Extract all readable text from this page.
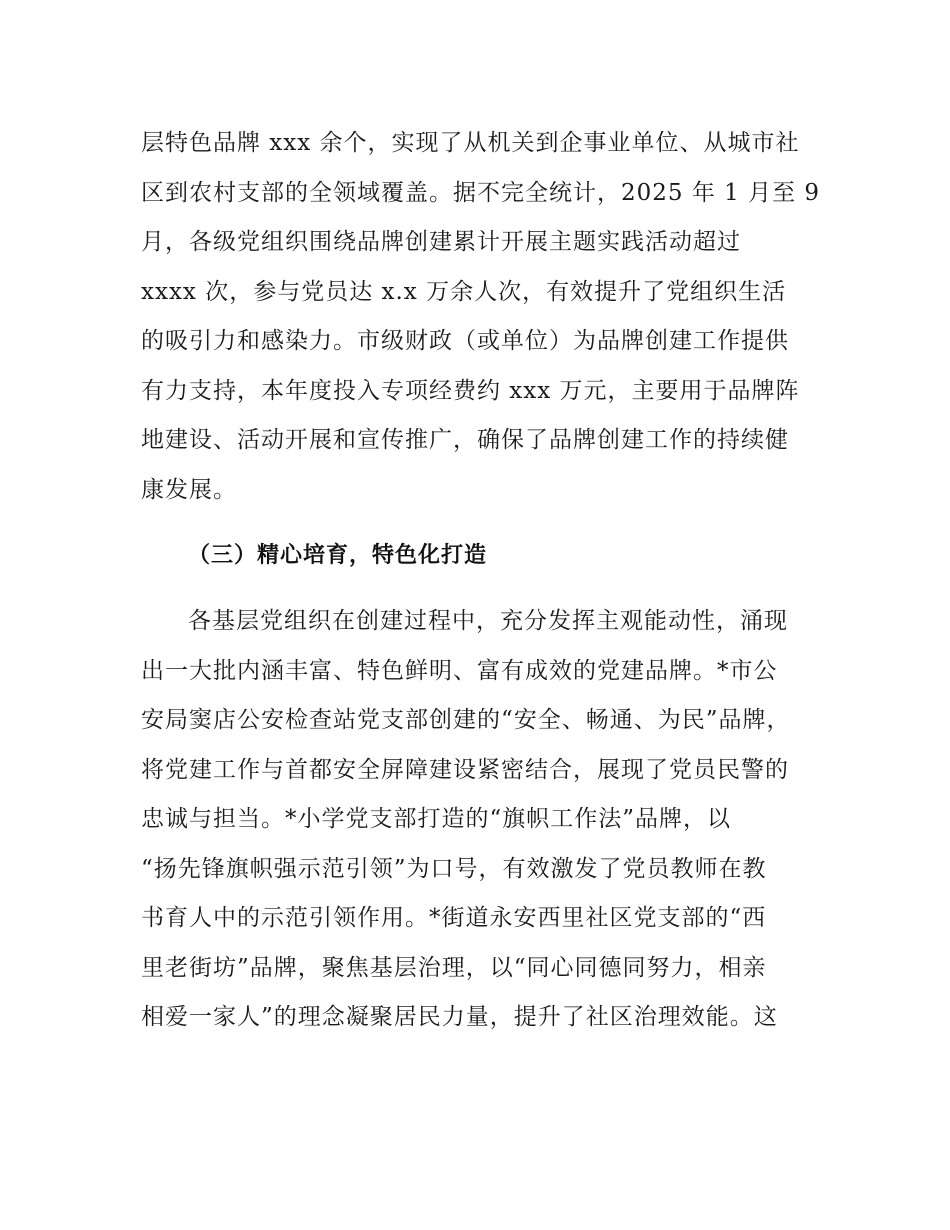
层特色品牌 xxx 余个，实现了从机关到企事业单位、从城市社
区到农村支部的全领域覆盖。据不完全统计，2025 年 1 月至 9
月，各级党组织围绕品牌创建累计开展主题实践活动超过
xxxx 次，参与党员达 x.x 万余人次，有效提升了党组织生活
的吸引力和感染力。市级财政（或单位）为品牌创建工作提供
有力支持，本年度投入专项经费约 xxx 万元，主要用于品牌阵
地建设、活动开展和宣传推广，确保了品牌创建工作的持续健
康发展。
（三）精心培育，特色化打造
各基层党组织在创建过程中，充分发挥主观能动性，涌现
出一大批内涵丰富、特色鲜明、富有成效的党建品牌。*市公
安局窦店公安检查站党支部创建的“安全、畅通、为民”品牌，
将党建工作与首都安全屏障建设紧密结合，展现了党员民警的
忠诚与担当。*小学党支部打造的“旗帜工作法”品牌，以
“扬先锋旗帜强示范引领”为口号，有效激发了党员教师在教
书育人中的示范引领作用。*街道永安西里社区党支部的“西
里老街坊”品牌，聚焦基层治理，以“同心同德同努力，相亲
相爱一家人”的理念凝聚居民力量，提升了社区治理效能。这
